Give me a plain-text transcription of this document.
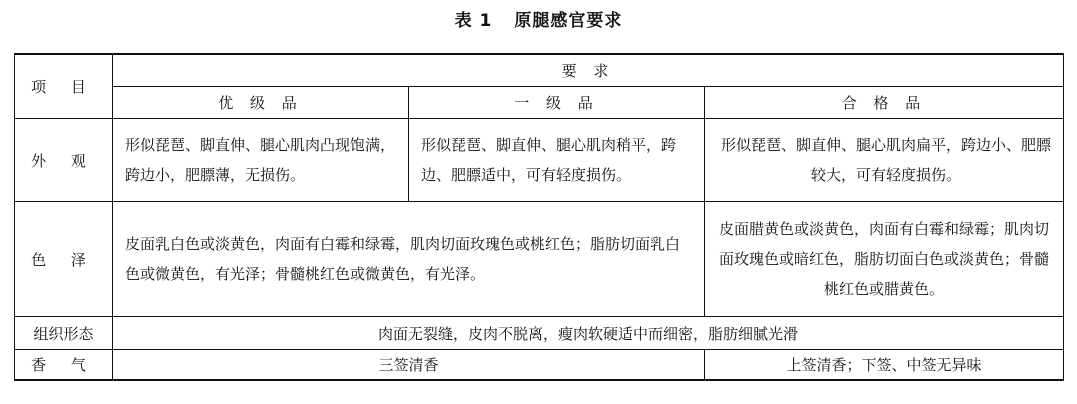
表 1 原腿感官要求
项 目	要 求		
	优 级 品	一 级 品	合 格 品
外 观	形似琵琶、脚直伸、腿心肌肉凸现饱满，跨边小，肥膘薄，无损伤。	形似琵琶、脚直伸、腿心肌肉稍平，跨边、肥膘适中，可有轻度损伤。	形似琵琶、脚直伸、腿心肌肉扁平，跨边小、肥膘较大，可有轻度损伤。

色 泽	皮面乳白色或淡黄色，肉面有白霉和绿霉，肌肉切面玫瑰色或桃红色；脂肪切面乳白色或微黄色，有光泽；骨髓桃红色或微黄色，有光泽。		皮面腊黄色或淡黄色，肉面有白霉和绿霉；肌肉切面玫瑰色或暗红色，脂肪切面白色或淡黄色；骨髓桃红色或腊黄色。

组织形态	肉面无裂缝，皮肉不脱离，瘦肉软硬适中而细密，脂肪细腻光滑		
香 气	三签清香		上签清香；下签、中签无异味
